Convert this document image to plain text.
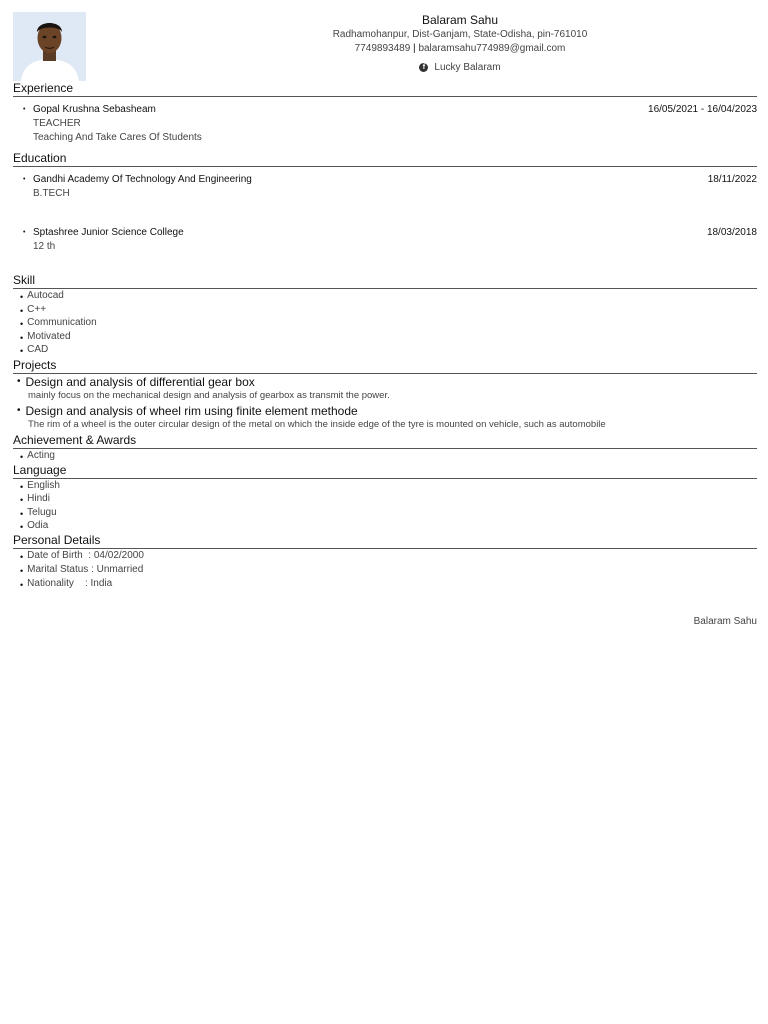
Balaram Sahu
Radhamohanpur, Dist-Ganjam, State-Odisha, pin-761010
7749893489 | balaramsahu774989@gmail.com
f Lucky Balaram
Experience
• Gopal Krushna Sebasheam	16/05/2021 - 16/04/2023
TEACHER
Teaching And Take Cares Of Students
Education
• Gandhi Academy Of Technology And Engineering	18/11/2022
B.TECH
• Sptashree Junior Science College	18/03/2018
12 th
Skill
• Autocad
• C++
• Communication
• Motivated
• CAD
Projects
• Design and analysis of differential gear box
mainly focus on the mechanical design and analysis of gearbox as transmit the power.
• Design and analysis of wheel rim using finite element methode
The rim of a wheel is the outer circular design of the metal on which the inside edge of the tyre is mounted on vehicle, such as automobile
Achievement & Awards
• Acting
Language
• English
• Hindi
• Telugu
• Odia
Personal Details
• Date of Birth  : 04/02/2000
• Marital Status : Unmarried
• Nationality    : India
Balaram Sahu
